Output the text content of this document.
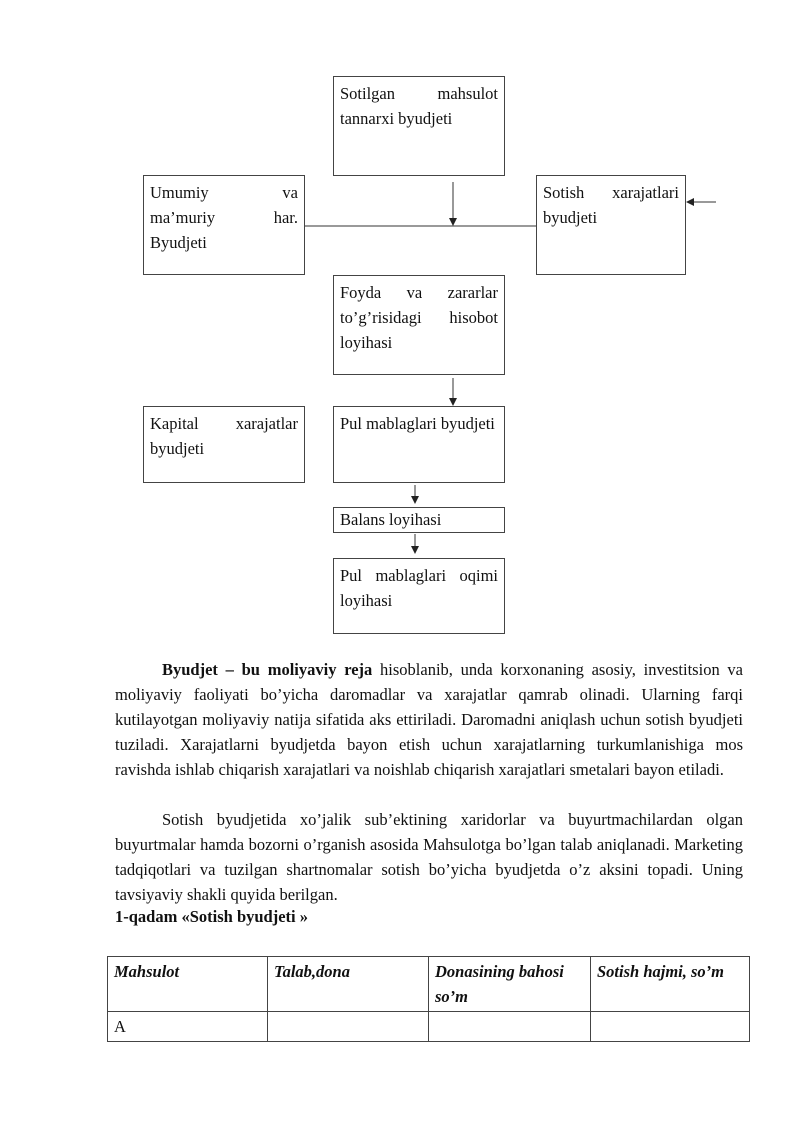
Sotilgan mahsulot tannarxi byudjeti
Umumiy va
ma’muriy har.
Byudjeti
Sotish xarajatlari byudjeti
Foyda va zararlar to’g’risidagi hisobot loyihasi
Kapital xarajatlar byudjeti
Pul mablaglari byudjeti
Balans loyihasi
Pul mablaglari oqimi loyihasi

Byudjet – bu moliyaviy reja hisoblanib, unda korxonaning asosiy, investitsion va moliyaviy faoliyati bo’yicha daromadlar va xarajatlar qamrab olinadi. Ularning farqi kutilayotgan moliyaviy natija sifatida aks ettiriladi. Daromadni aniqlash uchun sotish byudjeti tuziladi. Xarajatlarni byudjetda bayon etish uchun xarajatlarning turkumlanishiga mos ravishda ishlab chiqarish xarajatlari va noishlab chiqarish xarajatlari smetalari bayon etiladi.

Sotish byudjetida xo’jalik sub’ektining xaridorlar va buyurtmachilardan olgan buyurtmalar hamda bozorni o’rganish asosida Mahsulotga bo’lgan talab aniqlanadi. Marketing tadqiqotlari va tuzilgan shartnomalar sotish bo’yicha byudjetda o’z aksini topadi. Uning tavsiyaviy shakli quyida berilgan.

1-qadam «Sotish byudjeti »
Mahsulot	Talab,dona	Donasining bahosi so’m	Sotish hajmi, so’m
A			
